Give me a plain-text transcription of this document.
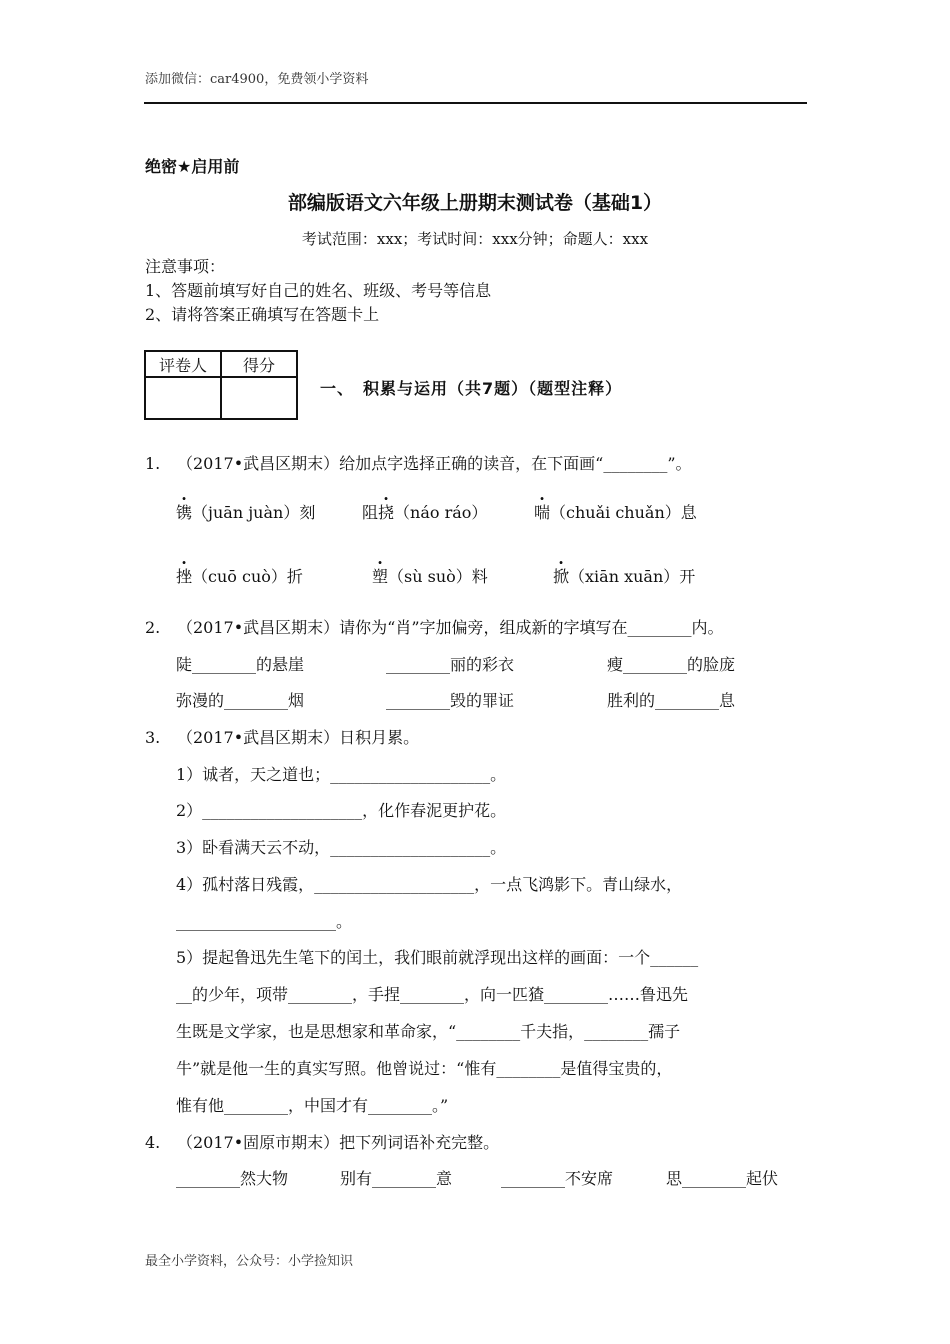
添加微信：car4900，免费领小学资料
绝密★启用前
部编版语文六年级上册期末测试卷（基础1）
考试范围：xxx；考试时间：xxx分钟；命题人：xxx
注意事项：
1、答题前填写好自己的姓名、班级、考号等信息
2、请将答案正确填写在答题卡上
评卷人	得分

一、　积累与运用（共7题）（题型注释）
1. （2017•武昌区期末）给加点字选择正确的读音，在下面画“________”。
镌（juān juàn）刻	阻挠（náo ráo）	喘（chuǎi chuǎn）息
挫（cuō cuò）折	塑（sù suò）料	掀（xiān xuān）开
2. （2017•武昌区期末）请你为“肖”字加偏旁，组成新的字填写在________内。
陡________的悬崖	________丽的彩衣	瘦________的脸庞
弥漫的________烟	________毁的罪证	胜利的________息
3. （2017•武昌区期末）日积月累。
1）诚者，天之道也；____________________。
2）____________________，化作春泥更护花。
3）卧看满天云不动，____________________。
4）孤村落日残霞，____________________，一点飞鸿影下。青山绿水，
____________________。
5）提起鲁迅先生笔下的闰土，我们眼前就浮现出这样的画面：一个______
__的少年，项带________，手捏________，向一匹猹________……鲁迅先
生既是文学家，也是思想家和革命家，“________千夫指，________孺子
牛”就是他一生的真实写照。他曾说过：“惟有________是值得宝贵的，
惟有他________，中国才有________。”
4. （2017•固原市期末）把下列词语补充完整。
________然大物	别有________意	________不安席	思________起伏
最全小学资料，公众号：小学捡知识
